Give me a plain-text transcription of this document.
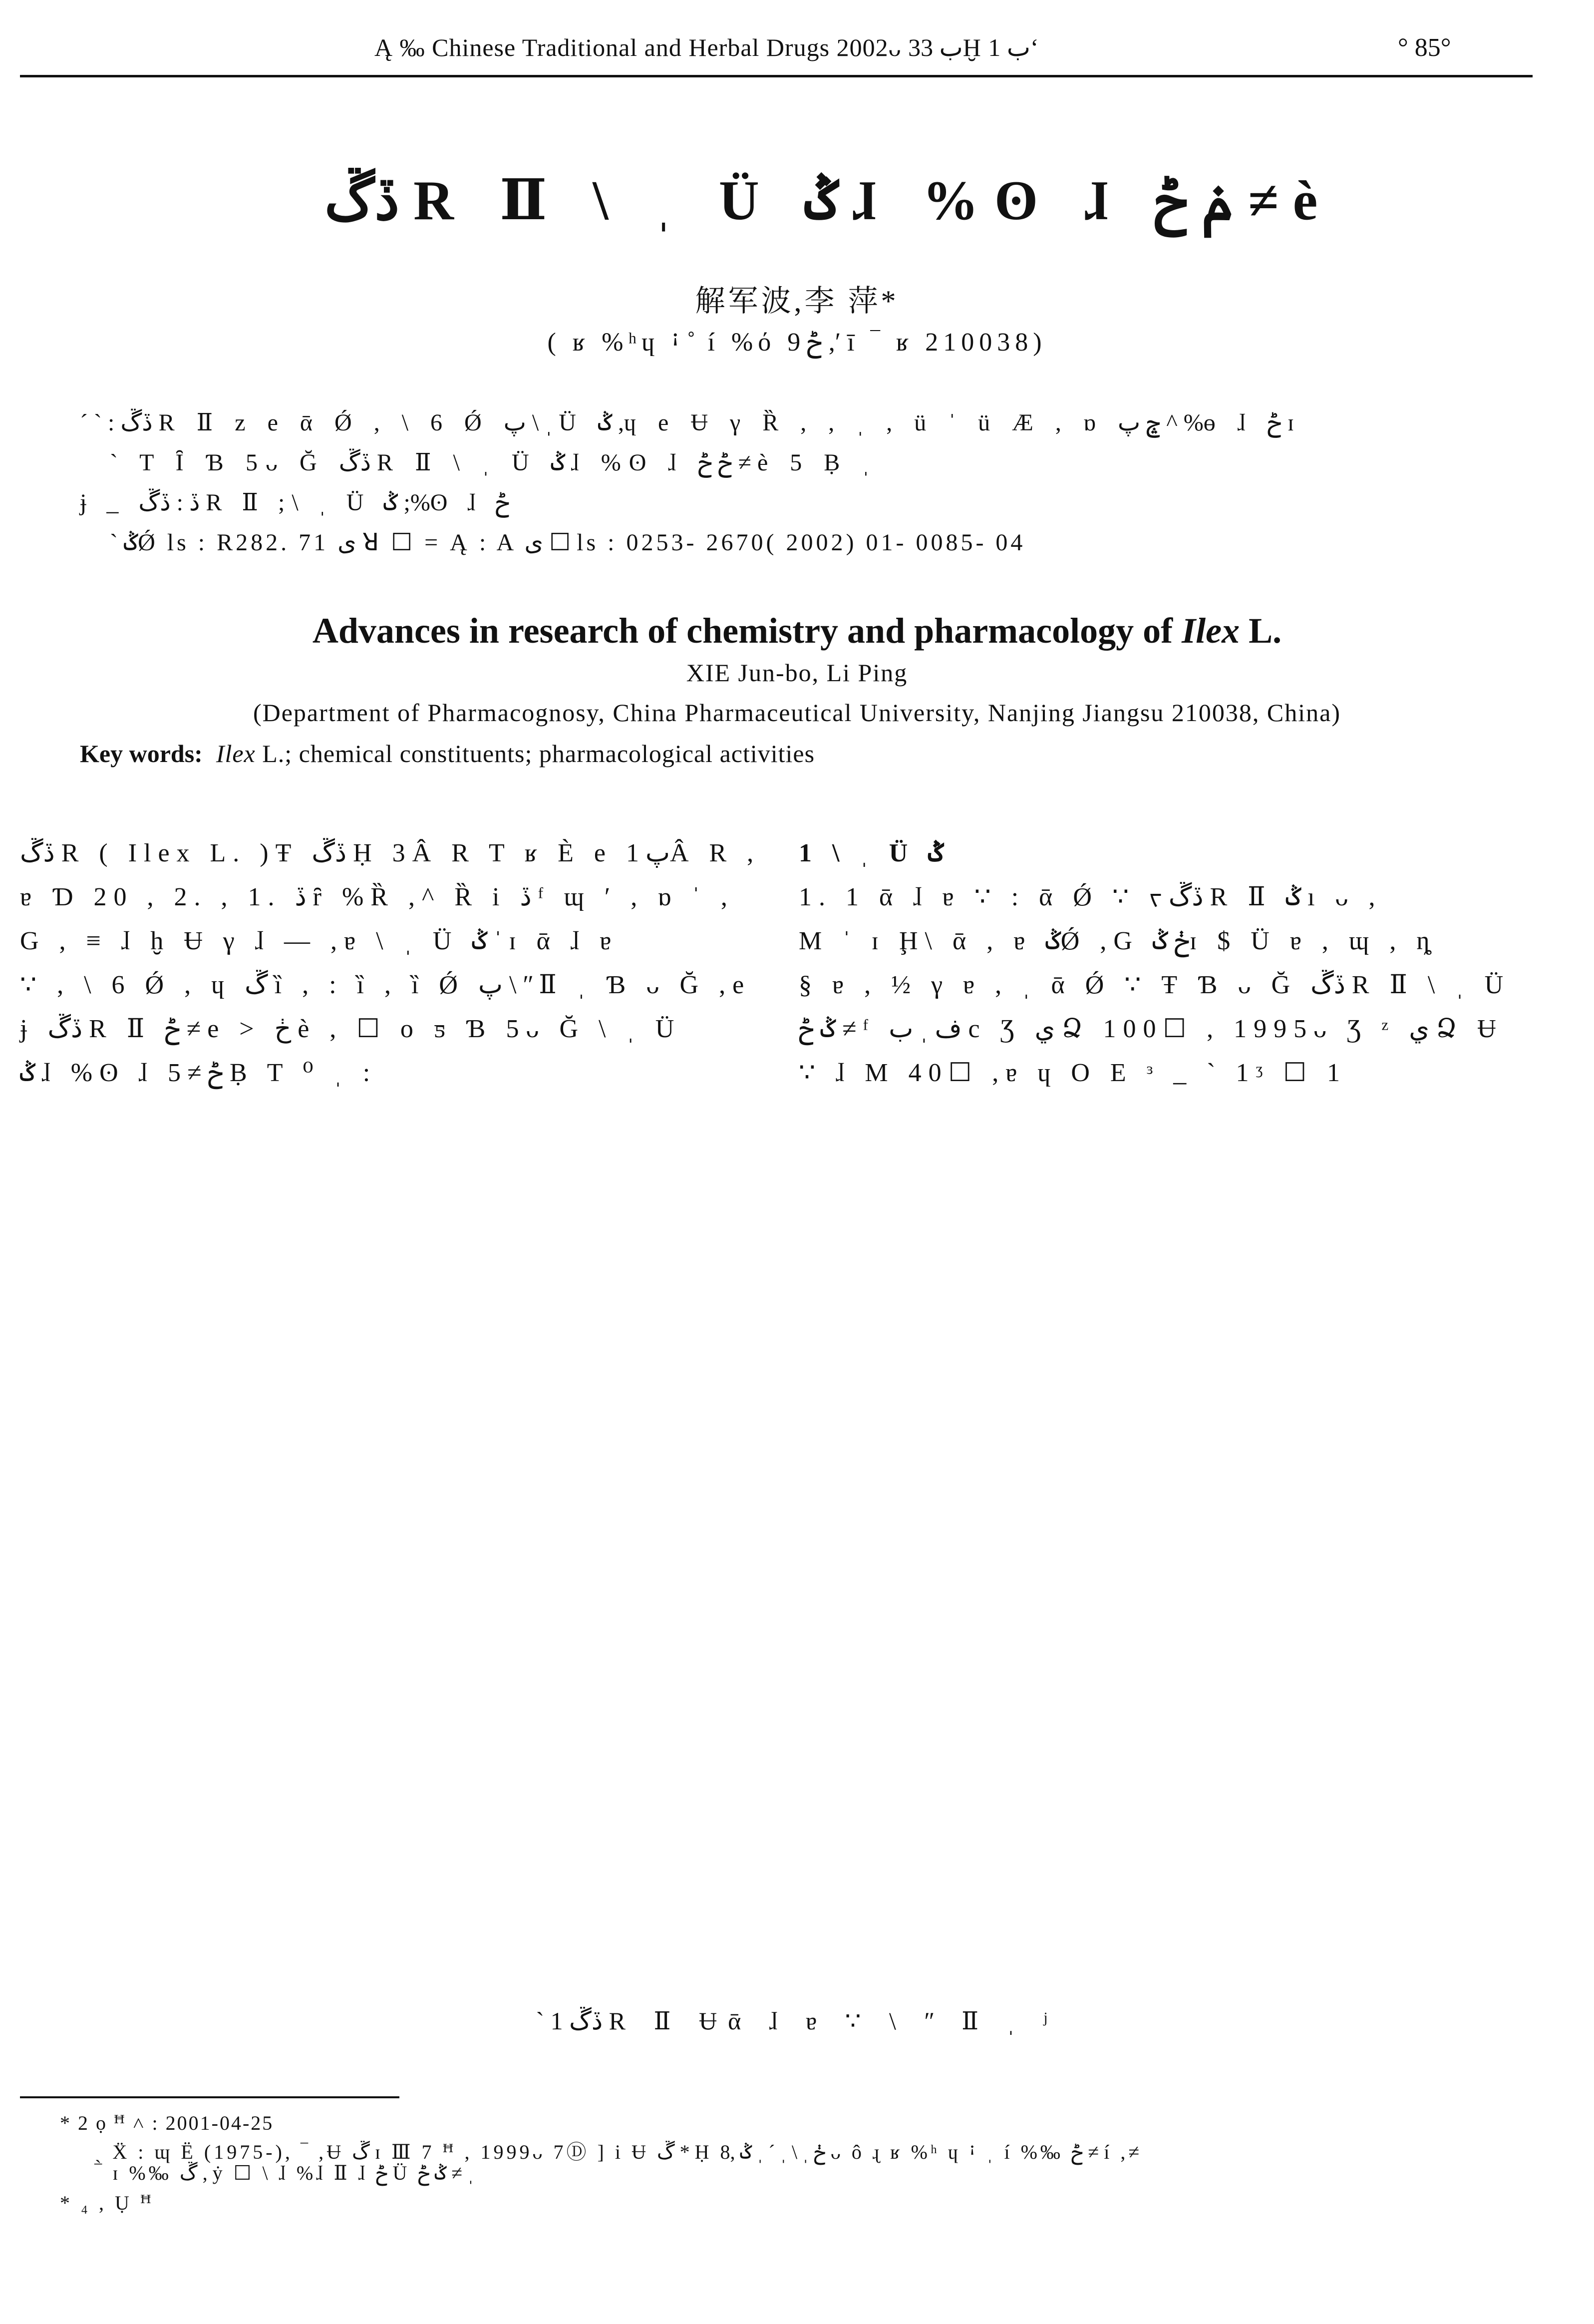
Ą ‰ Chinese Traditional and Herbal Drugs 2002ᴗ ب 33Ḫ ب 1ʻ	° 85°
ڏڱ R Ⅱ \ ˌ Ü ݣ ɺ %ʘ ɺ ݥ ݲ ≠ è
解军波,李 萍*
( ʁ %ʰɥ ꜟ ̊ í %ό ݲ 9 ,ʹ ī ‾ ʁ 210038)
ˊ ` : ڏڱ R Ⅱ z e ᾱ Ǿ , \ 6 Ǿ پ \ ˌ Ü ݣ ,ɥ e Ʉ γ Ȑ , , ˌ , ü ˈ ü Æ , ɒ ݘ پ ^ %ɵ ɺ ݲ ɪ
` T Ȋ Ɓ 5ᴗ Ğ ڏڱ R Ⅱ \ ˌ Ü ݣ ɺ %ʘ ɺ ݲ ݲ ≠ è 5 Ḅ ˌ
ɉ _ ڏ : ڏڱ R Ⅱ ;\ ˌ Ü ݣ ;%ʘ ɺ ݲ
ˋ ݣǾ ls : R282. 71 ى ꓤ ☐ = Ą : A ى ☐ ls : 0253- 2670( 2002) 01- 0085- 04
Advances in research of chemistry and pharmacology of Ilex L.
XIE Jun-bo, Li Ping
(Department of Pharmacognosy, China Pharmaceutical University, Nanjing Jiangsu 210038, China)
Key words: Ilex L.; chemical constituents; pharmacological activities
ڏڱ R ( Ilex L. )Ŧ ڏڱ Ḥ 3Â R T ʁ È e پ 1Â R ,
ɐ Ɗ 20 , 2. , 1. ڏ ȓ %Ȑ ,^ Ȑ i ڏ ᶠ ɰ ʹ , ɒ ˈ ,
G , ≡ ɺ ḫ Ʉ γ ɺ — ,ɐ \ ˌ Ü ݣ ˈ ɪ ᾱ ɺ ɐ
∵ , \ 6 Ǿ , ɥ ڱ ȉ , : ȉ , ȉ Ǿ پ \ ʺ Ⅱ ˌ Ɓ ᴗ Ğ ,e
ɉ ڏڱ R Ⅱ ݲ ≠ e > ڂ è , ☐ o ƽ Ɓ 5ᴗ Ğ \ ˌ Ü
ݣ ɺ %ʘ ɺ ݲ ≠ 5 Ḅ T ⁰ ˌ :
1 \ ˌ Ü ݣ
1. 1 ᾱ ɺ ɐ ∵ : ᾱ Ǿ ∵ ᠵ ڏڱ R Ⅱ ݣ ı ᴗ ,
M ˈ ɪ Ḩ\ ᾱ , ɐ ݣǾ ,G ڂ ݣɪ $ Ü ɐ , ɰ , ȵ
§ ɐ , ½ γ ɐ , ˌ ᾱ Ǿ ∵ Ŧ Ɓ ᴗ Ğ ڏڱ R Ⅱ \ ˌ Ü
ݣ ݲ ≠ ᶠ ف ˌ ب c Ʒ ي Ձ 100☐ , 1995ᴗ Ʒ ᶻ ي Ձ Ʉ
∵ ɺ M 40☐ ,ɐ ɥ O E ᶟ _ ˋ 1ᶾ ☐ 1
ˋ 1 ڏڱ R Ⅱ Ʉᾱ ɺ ɐ ∵ \ ʺ Ⅱ ˌ ʲ
* 2 ọ ꟸ ˄ : 2001-04-25
ˏ Ẍ : ɰ Ë (1975-), ‾ ,Ʉ ڱ ɪ Ⅲ 7 ꟸ , 1999ᴗ 7Ⓓ ] i Ʉ ڱ * Ḥ ڂ ˌ \ ˌ ˊ ˌ ݣ ,8 ᴗ ô ɻ ʁ %ʰ ɥ ꜟ ˌ í %‰ ݲ ≠ í ,≠
‾ ɪ %‰ ڱ , ẏ ☐ \ ɺ %ɺ Ⅱ ɺ ݲ Ü ݣ ݲ ≠ ˌ
* ₄ , Ụ ꟸ
